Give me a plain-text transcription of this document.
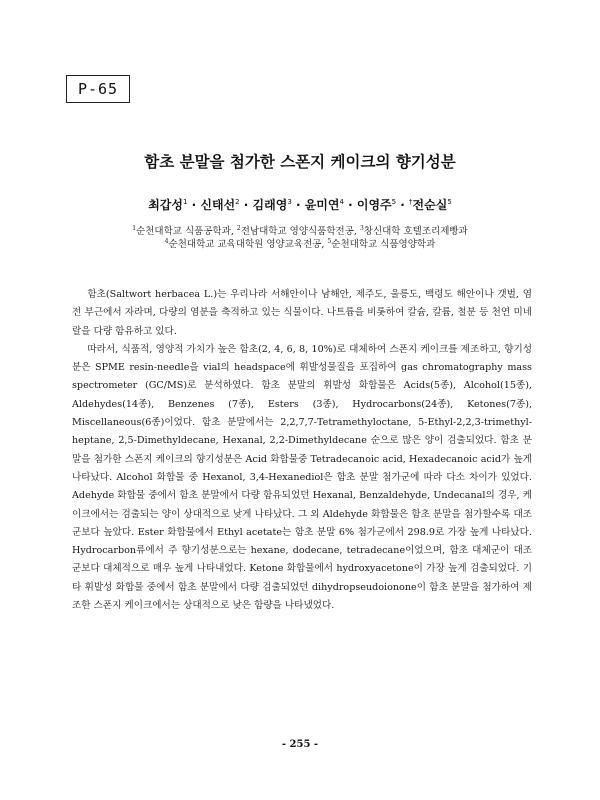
P-65
함초 분말을 첨가한 스폰지 케이크의 향기성분
최갑성$^1$ · 신태선$^2$ · 김래영$^3$ · 윤미연$^4$ · 이영주$^5$ · †전순실$^5$
$^1$순천대학교 식품공학과, $^2$전남대학교 영양식품학전공, $^3$창신대학 호텔조리제빵과
$^4$순천대학교 교육대학원 영양교육전공, $^5$순천대학교 식품영양학과

함초(Saltwort herbacea L.)는 우리나라 서해안이나 남해안, 제주도, 울릉도, 백령도 해안이나 갯벌, 염전 부근에서 자라며, 다량의 염분을 축적하고 있는 식물이다. 나트륨을 비롯하여 칼슘, 칼륨, 철분 등 천연 미네랄을 다량 함유하고 있다.

따라서, 식품적, 영양적 가치가 높은 함초(2, 4, 6, 8, 10%)로 대체하여 스폰지 케이크를 제조하고, 향기성분은 SPME resin-needle을 vial의 headspace에 휘발성물질을 포집하여 gas chromatography mass spectrometer (GC/MS)로 분석하였다. 함초 분말의 휘발성 화합물은 Acids(5종), Alcohol(15종), Aldehydes(14종), Benzenes (7종), Esters (3종), Hydrocarbons(24종), Ketones(7종), Miscellaneous(6종)이었다. 함초 분말에서는 2,2,7,7-Tetramethyloctane, 5-Ethyl-2,2,3-trimethyl-heptane, 2,5-Dimethyldecane, Hexanal, 2,2-Dimethyldecane 순으로 많은 양이 검출되었다. 함초 분말을 첨가한 스폰지 케이크의 향기성분은 Acid 화합물중 Tetradecanoic acid, Hexadecanoic acid가 높게 나타났다. Alcohol 화합물 중 Hexanol, 3,4-Hexanediol은 함초 분말 첨가군에 따라 다소 차이가 있었다. Adehyde 화합물 중에서 함초 분말에서 다량 함유되었던 Hexanal, Benzaldehyde, Undecanal의 경우, 케이크에서는 검출되는 양이 상대적으로 낮게 나타났다. 그 외 Aldehyde 화합물은 함초 분말을 첨가할수록 대조군보다 높았다. Ester 화합물에서 Ethyl acetate는 함초 분말 6% 첨가군에서 298.9로 가장 높게 나타났다. Hydrocarbon류에서 주 향기성분으로는 hexane, dodecane, tetradecane이었으며, 함초 대체군이 대조군보다 대체적으로 매우 높게 나타내었다. Ketone 화합물에서 hydroxyacetone이 가장 높게 검출되었다. 기타 휘발성 화합물 중에서 함초 분말에서 다량 검출되었던 dihydropseudoionone이 함초 분말을 첨가하여 제조한 스폰지 케이크에서는 상대적으로 낮은 함량을 나타냈었다.

- 255 -
